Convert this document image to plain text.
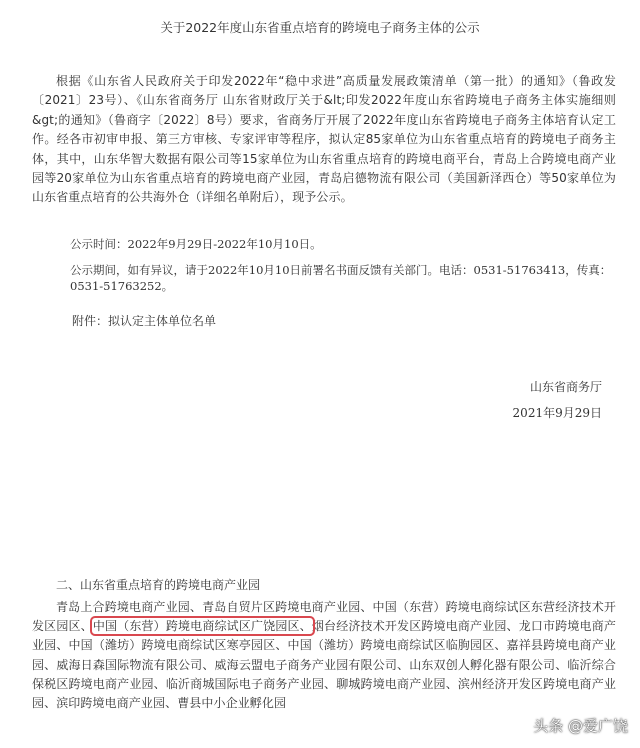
关于2022年度山东省重点培育的跨境电子商务主体的公示

根据《山东省人民政府关于印发2022年“稳中求进”高质量发展政策清单（第一批）的通知》（鲁政发〔2021〕23号）、《山东省商务厅 山东省财政厅关于&lt;印发2022年度山东省跨境电子商务主体实施细则&gt;的通知》（鲁商字〔2022〕8号）要求，省商务厅开展了2022年度山东省跨境电子商务主体培育认定工作。经各市初审申报、第三方审核、专家评审等程序，拟认定85家单位为山东省重点培育的跨境电子商务主体，其中，山东华智大数据有限公司等15家单位为山东省重点培育的跨境电商平台，青岛上合跨境电商产业园等20家单位为山东省重点培育的跨境电商产业园，青岛启德物流有限公司（美国新泽西仓）等50家单位为山东省重点培育的公共海外仓（详细名单附后），现予公示。

公示时间：2022年9月29日-2022年10月10日。
公示期间，如有异议，请于2022年10月10日前署名书面反馈有关部门。电话：0531-51763413，传真：0531-51763252。
附件：拟认定主体单位名单
山东省商务厅
2021年9月29日
二、山东省重点培育的跨境电商产业园

青岛上合跨境电商产业园、青岛自贸片区跨境电商产业园、中国（东营）跨境电商综试区东营经济技术开发区园区、中国（东营）跨境电商综试区广饶园区、烟台经济技术开发区跨境电商产业园、龙口市跨境电商产业园、中国（潍坊）跨境电商综试区寒亭园区、中国（潍坊）跨境电商综试区临朐园区、嘉祥县跨境电商产业园、威海日森国际物流有限公司、威海云盟电子商务产业园有限公司、山东双创人孵化器有限公司、临沂综合保税区跨境电商产业园、临沂商城国际电子商务产业园、聊城跨境电商产业园、滨州经济开发区跨境电商产业园、滨印跨境电商产业园、曹县中小企业孵化园

头条 @爱广饶
